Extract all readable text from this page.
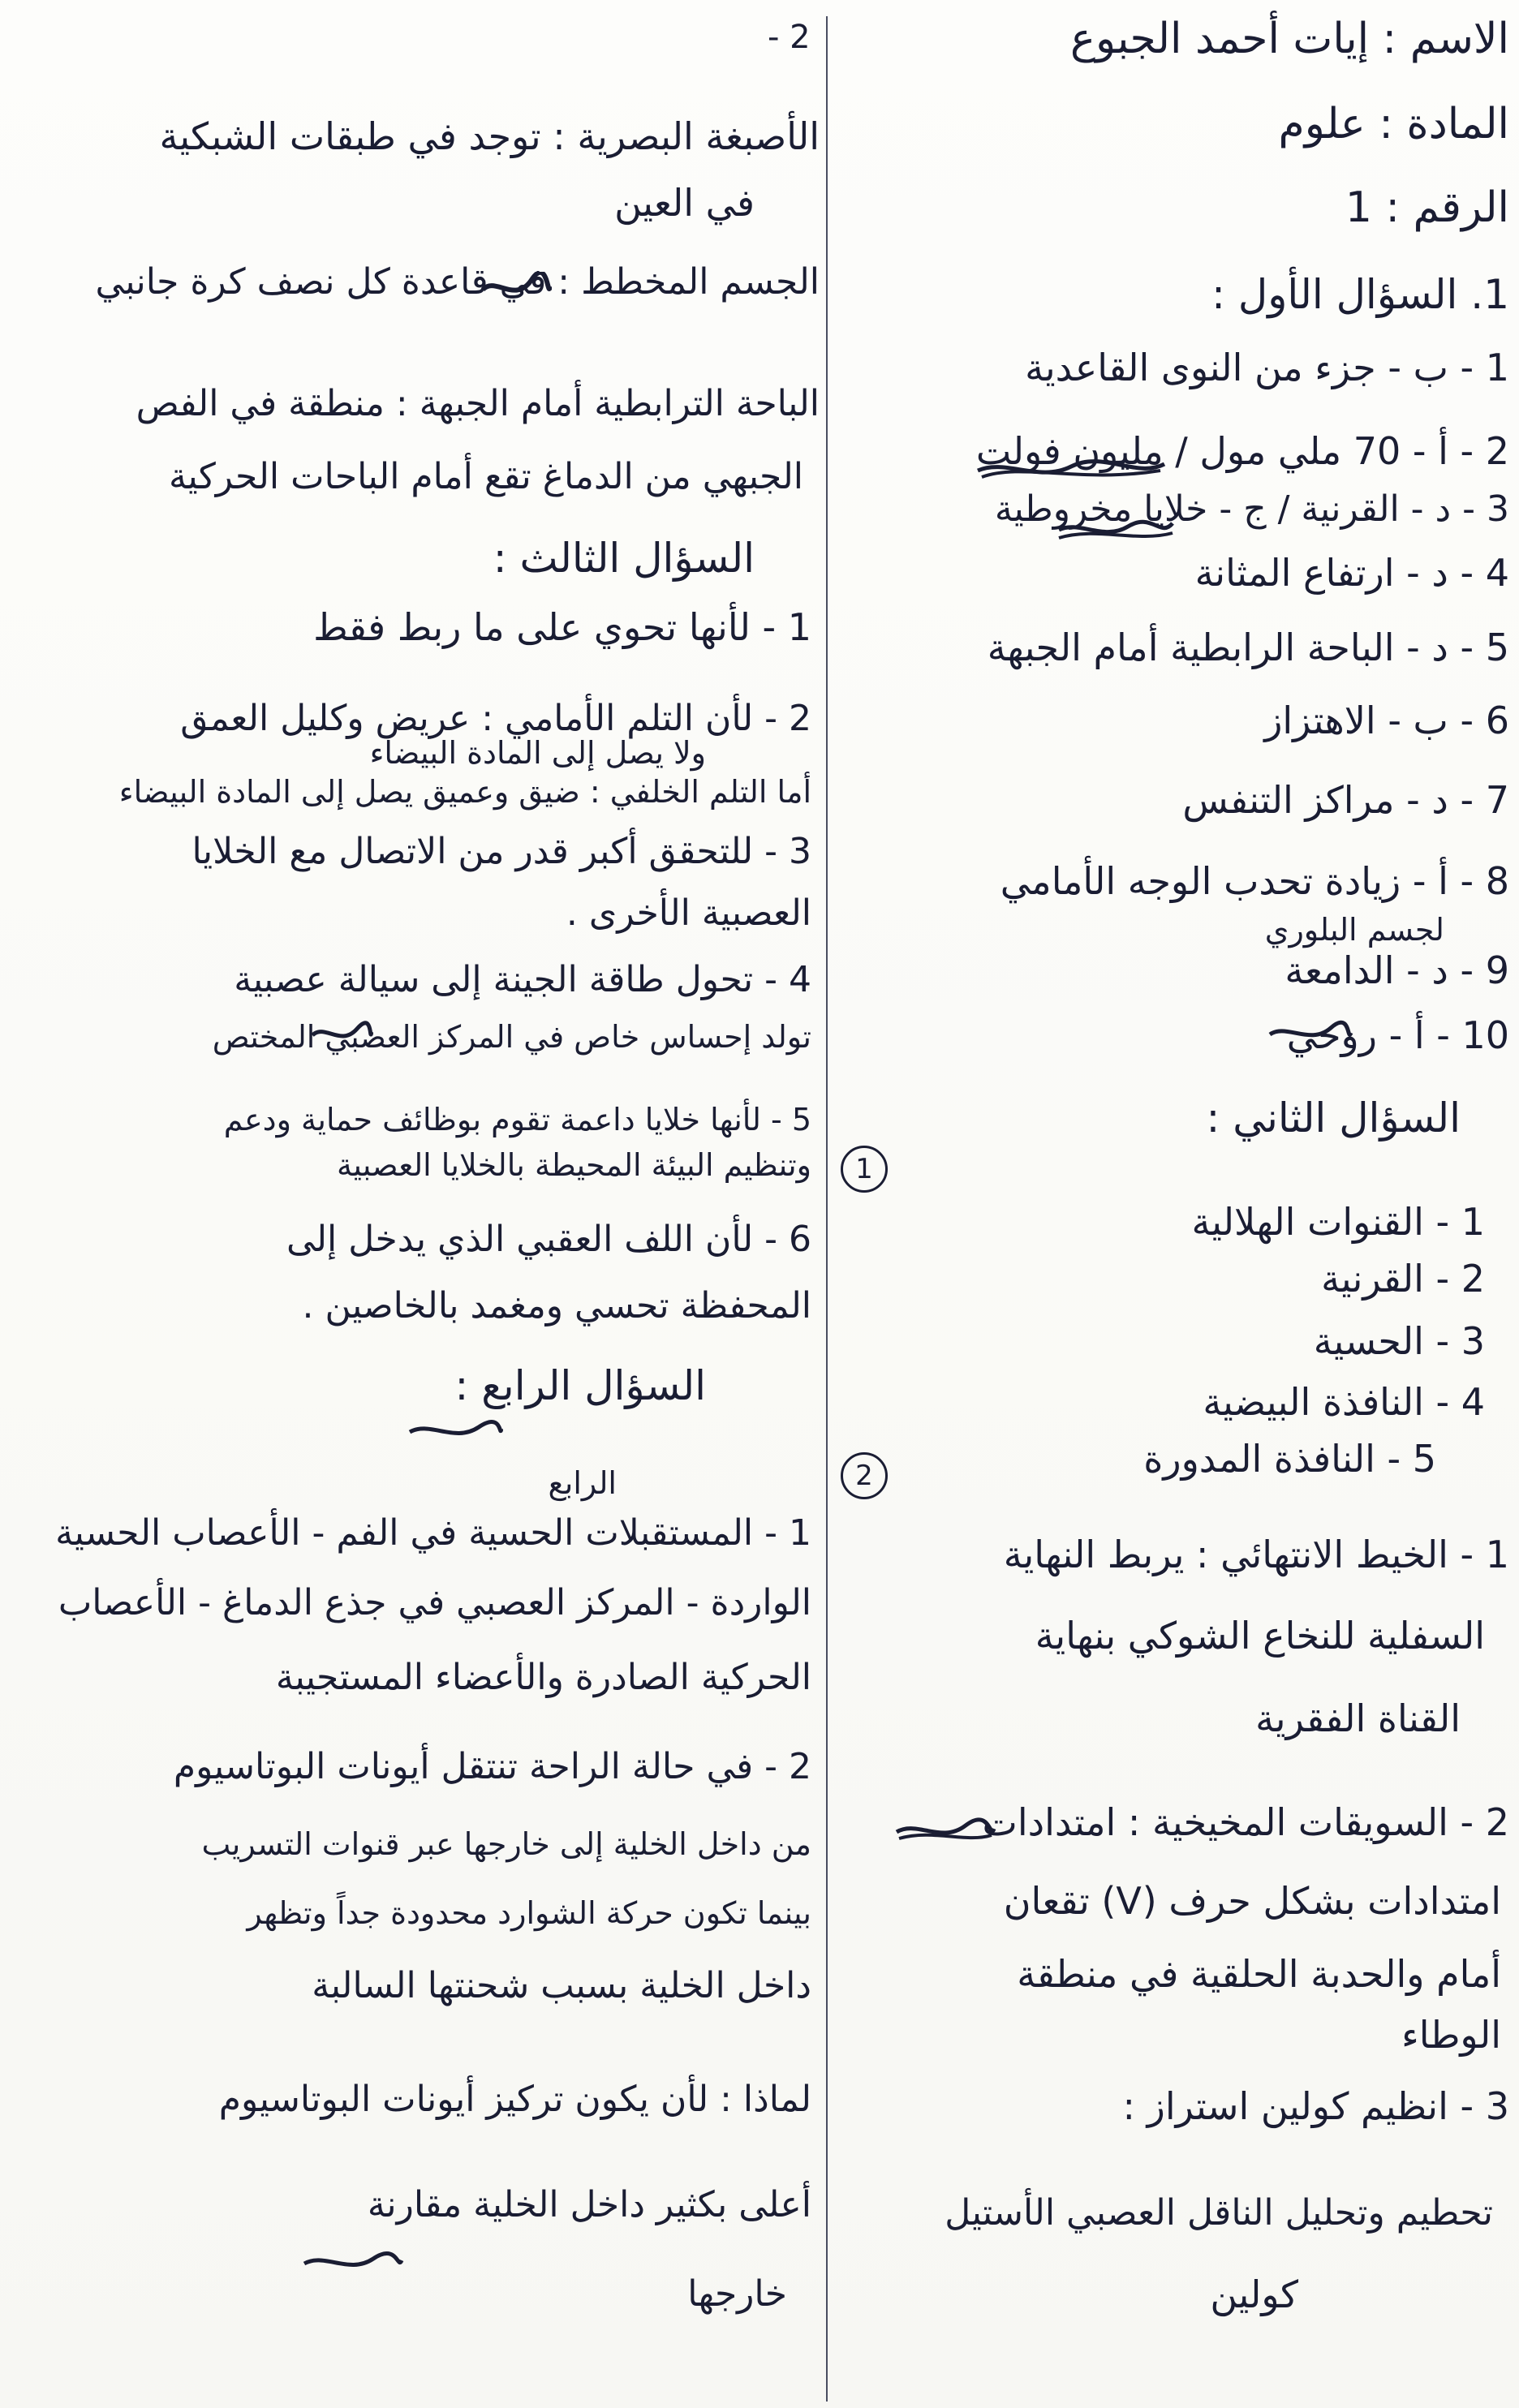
الاسم : إيات أحمد الجبوع
المادة : علوم
الرقم : 1
1. السؤال الأول :
1 - ب - جزء من النوى القاعدية
2 - أ - 70 ملي مول / مليون فولت
3 - د - القرنية / ج - خلايا مخروطية
4 - د - ارتفاع المثانة
5 - د - الباحة الرابطية أمام الجبهة
6 - ب - الاهتزاز
7 - د - مراكز التنفس
8 - أ - زيادة تحدب الوجه الأمامي
لجسم البلوري
9 - د - الدامعة
10 - أ - روحي
السؤال الثاني :
1
1 - القنوات الهلالية
2 - القرنية
3 - الحسية
4 - النافذة البيضية
5 - النافذة المدورة
2
1 - الخيط الانتهائي : يربط النهاية
السفلية للنخاع الشوكي بنهاية
القناة الفقرية
2 - السويقات المخيخية : امتدادات
امتدادات بشكل حرف (V) تقعان
أمام والحدبة الحلقية في منطقة
الوطاء
3 - انظيم كولين استراز :
تحطيم وتحليل الناقل العصبي الأستيل
كولين
2 -
الأصبغة البصرية : توجد في طبقات الشبكية
في العين
الجسم المخطط : في قاعدة كل نصف كرة جانبي
الباحة الترابطية أمام الجبهة : منطقة في الفص
الجبهي من الدماغ تقع أمام الباحات الحركية
السؤال الثالث :
1 - لأنها تحوي على ما ربط فقط
2 - لأن التلم الأمامي : عريض وكليل العمق
ولا يصل إلى المادة البيضاء
أما التلم الخلفي : ضيق وعميق يصل إلى المادة البيضاء
3 - للتحقق أكبر قدر من الاتصال مع الخلايا
العصبية الأخرى .
4 - تحول طاقة الجينة إلى سيالة عصبية
تولد إحساس خاص في المركز العصبي المختص
5 - لأنها خلايا داعمة تقوم بوظائف حماية ودعم
وتنظيم البيئة المحيطة بالخلايا العصبية
6 - لأن اللف العقبي الذي يدخل إلى
المحفظة تحسي ومغمد بالخاصين .
السؤال الرابع :
الرابع
1 - المستقبلات الحسية في الفم - الأعصاب الحسية
الواردة - المركز العصبي في جذع الدماغ - الأعصاب
الحركية الصادرة والأعضاء المستجيبة
2 - في حالة الراحة تنتقل أيونات البوتاسيوم
من داخل الخلية إلى خارجها عبر قنوات التسريب
بينما تكون حركة الشوارد محدودة جداً وتظهر
داخل الخلية بسبب شحنتها السالبة
لماذا : لأن يكون تركيز أيونات البوتاسيوم
أعلى بكثير داخل الخلية مقارنة
خارجها
